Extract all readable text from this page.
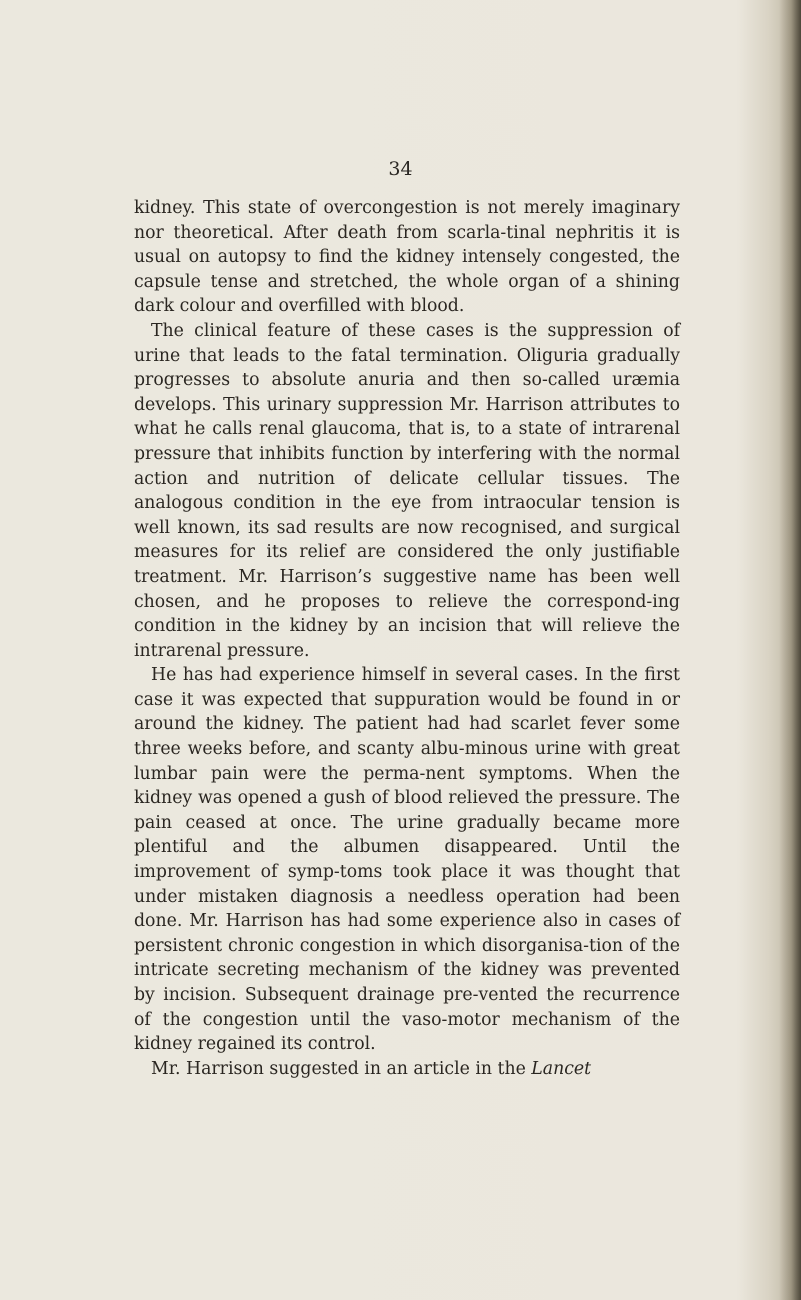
34

kidney. This state of overcongestion is not merely imaginary nor theoretical. After death from scarla-tinal nephritis it is usual on autopsy to find the kidney intensely congested, the capsule tense and stretched, the whole organ of a shining dark colour and overfilled with blood.

The clinical feature of these cases is the suppression of urine that leads to the fatal termination. Oliguria gradually progresses to absolute anuria and then so-called uræmia develops. This urinary suppression Mr. Harrison attributes to what he calls renal glaucoma, that is, to a state of intrarenal pressure that inhibits function by interfering with the normal action and nutrition of delicate cellular tissues. The analogous condition in the eye from intraocular tension is well known, its sad results are now recognised, and surgical measures for its relief are considered the only justifiable treatment. Mr. Harrison’s suggestive name has been well chosen, and he proposes to relieve the correspond-ing condition in the kidney by an incision that will relieve the intrarenal pressure.

He has had experience himself in several cases. In the first case it was expected that suppuration would be found in or around the kidney. The patient had had scarlet fever some three weeks before, and scanty albu-minous urine with great lumbar pain were the perma-nent symptoms. When the kidney was opened a gush of blood relieved the pressure. The pain ceased at once. The urine gradually became more plentiful and the albumen disappeared. Until the improvement of symp-toms took place it was thought that under mistaken diagnosis a needless operation had been done. Mr. Harrison has had some experience also in cases of persistent chronic congestion in which disorganisa-tion of the intricate secreting mechanism of the kidney was prevented by incision. Subsequent drainage pre-vented the recurrence of the congestion until the vaso-motor mechanism of the kidney regained its control.

Mr. Harrison suggested in an article in the Lancet
